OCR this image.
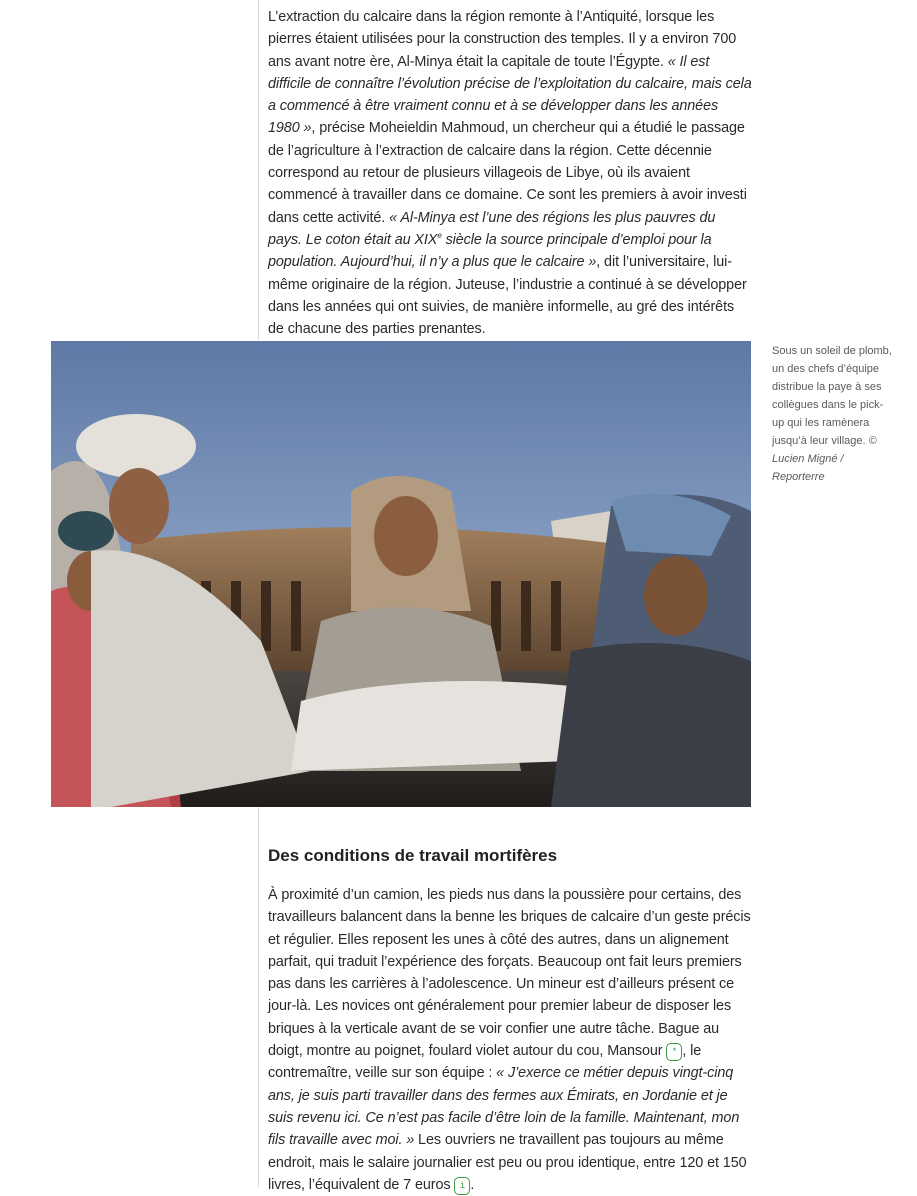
L’extraction du calcaire dans la région remonte à l’Antiquité, lorsque les pierres étaient utilisées pour la construction des temples. Il y a environ 700 ans avant notre ère, Al-Minya était la capitale de toute l’Égypte. « Il est difficile de connaître l’évolution précise de l’exploitation du calcaire, mais cela a commencé à être vraiment connu et à se développer dans les années 1980 », précise Moheieldin Mahmoud, un chercheur qui a étudié le passage de l’agriculture à l’extraction de calcaire dans la région. Cette décennie correspond au retour de plusieurs villageois de Libye, où ils avaient commencé à travailler dans ce domaine. Ce sont les premiers à avoir investi dans cette activité. « Al-Minya est l’une des régions les plus pauvres du pays. Le coton était au XIXe siècle la source principale d’emploi pour la population. Aujourd’hui, il n’y a plus que le calcaire », dit l’universitaire, lui-même originaire de la région. Juteuse, l’industrie a continué à se développer dans les années qui ont suivies, de manière informelle, au gré des intérêts de chacune des parties prenantes.

Sous un soleil de plomb, un des chefs d’équipe distribue la paye à ses collègues dans le pick-up qui les ramènera jusqu’à leur village. © Lucien Migné / Reporterre
Des conditions de travail mortifères

À proximité d’un camion, les pieds nus dans la poussière pour certains, des travailleurs balancent dans la benne les briques de calcaire d’un geste précis et régulier. Elles reposent les unes à côté des autres, dans un alignement parfait, qui traduit l’expérience des forçats. Beaucoup ont fait leurs premiers pas dans les carrières à l’adolescence. Un mineur est d’ailleurs présent ce jour-là. Les novices ont généralement pour premier labeur de disposer les briques à la verticale avant de se voir confier une autre tâche. Bague au doigt, montre au poignet, foulard violet autour du cou, Mansour * , le contremaître, veille sur son équipe : « J’exerce ce métier depuis vingt-cinq ans, je suis parti travailler dans des fermes aux Émirats, en Jordanie et je suis revenu ici. Ce n’est pas facile d’être loin de la famille. Maintenant, mon fils travaille avec moi. » Les ouvriers ne travaillent pas toujours au même endroit, mais le salaire journalier est peu ou prou identique, entre 120 et 150 livres, l’équivalent de 7 euros i .
